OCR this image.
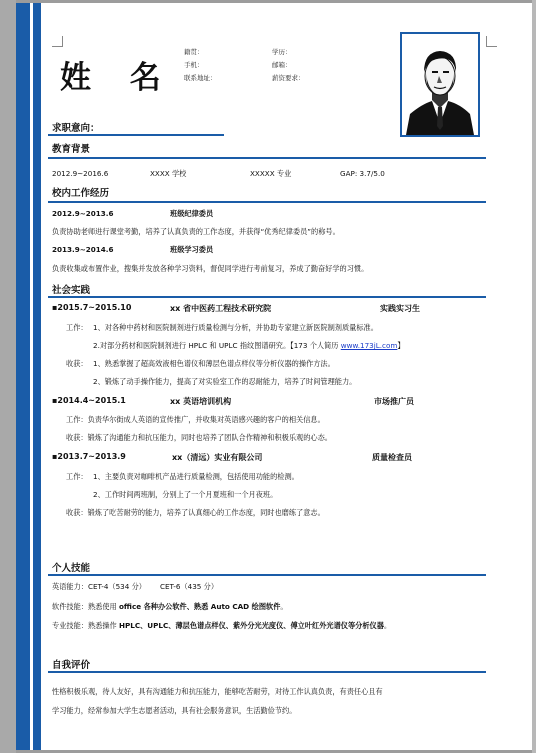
姓 名
籍贯：	学历：
手机：	邮箱：
联系地址：	薪资要求：
求职意向：
教育背景
2012.9~2016.6	XXXX 学校	XXXXX 专业	GAP: 3.7/5.0
校内工作经历
2012.9~2013.6	班级纪律委员
负责协助老师进行课堂考勤，培养了认真负责的工作态度，并获得“优秀纪律委员”的称号。
2013.9~2014.6	班级学习委员
负责收集或布置作业，搜集并发放各种学习资料，督促同学进行考前复习，养成了勤奋好学的习惯。
社会实践
▪2015.7~2015.10	xx 省中医药工程技术研究院	实践实习生
工作： 1、对各种中药材和医院制剂进行质量检测与分析，并协助专家建立新医院制剂质量标准。
2.对部分药材和医院制剂进行 HPLC 和 UPLC 指纹图谱研究。【173 个人简历 www.173jL.com】
收获： 1、熟悉掌握了超高效液相色谱仪和薄层色谱点样仪等分析仪器的操作方法。
2、锻炼了动手操作能力，提高了对实验室工作的忍耐能力，培养了时间管理能力。
▪2014.4~2015.1	xx 英语培训机构	市场推广员
工作：负责华尔街成人英语的宣传推广，并收集对英语感兴趣的客户的相关信息。
收获：锻炼了沟通能力和抗压能力，同时也培养了团队合作精神和积极乐观的心态。
▪2013.7~2013.9	xx（清远）实业有限公司	质量检查员
工作： 1、主要负责对咖啡机产品进行质量检测，包括使用功能的检测。
2、工作时间两班制，分别上了一个月夏班和一个月夜班。
收获：锻炼了吃苦耐劳的能力，培养了认真细心的工作态度，同时也磨练了意志。
个人技能
英语能力：CET-4（534 分） CET-6（435 分）
软件技能：熟悉使用 office 各种办公软件、熟悉 Auto CAD 绘图软件。
专业技能：熟悉操作 HPLC、UPLC、薄层色谱点样仪、紫外分光光度仪、傅立叶红外光谱仪等分析仪器。
自我评价
性格积极乐观，待人友好，具有沟通能力和抗压能力，能够吃苦耐劳，对待工作认真负责，有责任心且有
学习能力，经常参加大学生志愿者活动，具有社会服务意识，生活勤俭节约。
